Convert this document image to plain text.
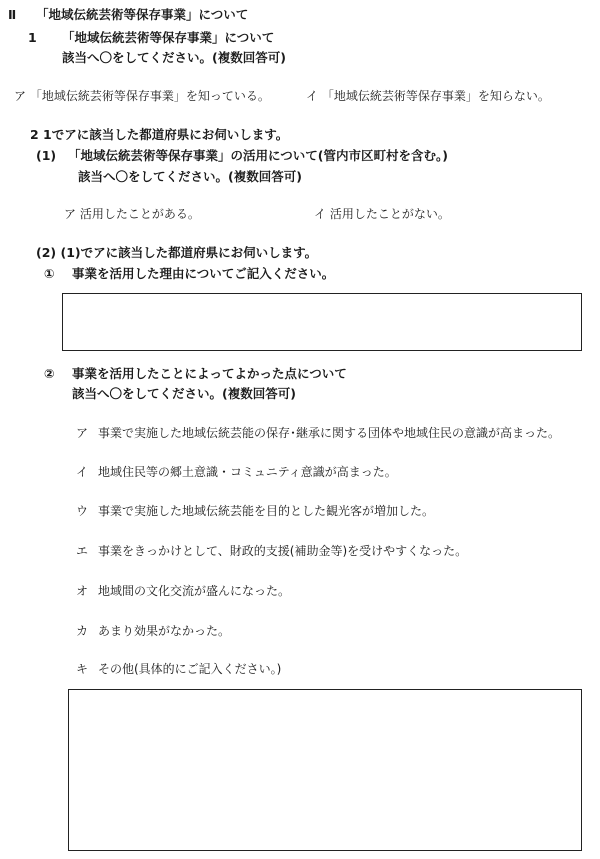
Ⅱ 「地域伝統芸術等保存事業」について
1 「地域伝統芸術等保存事業」について
該当へ〇をしてください。(複数回答可)
ア 「地域伝統芸術等保存事業」を知っている。	イ 「地域伝統芸術等保存事業」を知らない。
2 1でアに該当した都道府県にお伺いします。
(1) 「地域伝統芸術等保存事業」の活用について(管内市区町村を含む。)
該当へ〇をしてください。(複数回答可)
ア 活用したことがある。	イ 活用したことがない。
(2) (1)でアに該当した都道府県にお伺いします。
① 事業を活用した理由についてご記入ください。
② 事業を活用したことによってよかった点について
該当へ〇をしてください。(複数回答可)
ア 事業で実施した地域伝統芸能の保存･継承に関する団体や地域住民の意識が高まった。
イ 地域住民等の郷土意識・コミュニティ意識が高まった。
ウ 事業で実施した地域伝統芸能を目的とした観光客が増加した。
エ 事業をきっかけとして、財政的支援(補助金等)を受けやすくなった。
オ 地域間の文化交流が盛んになった。
カ あまり効果がなかった。
キ その他(具体的にご記入ください。)
